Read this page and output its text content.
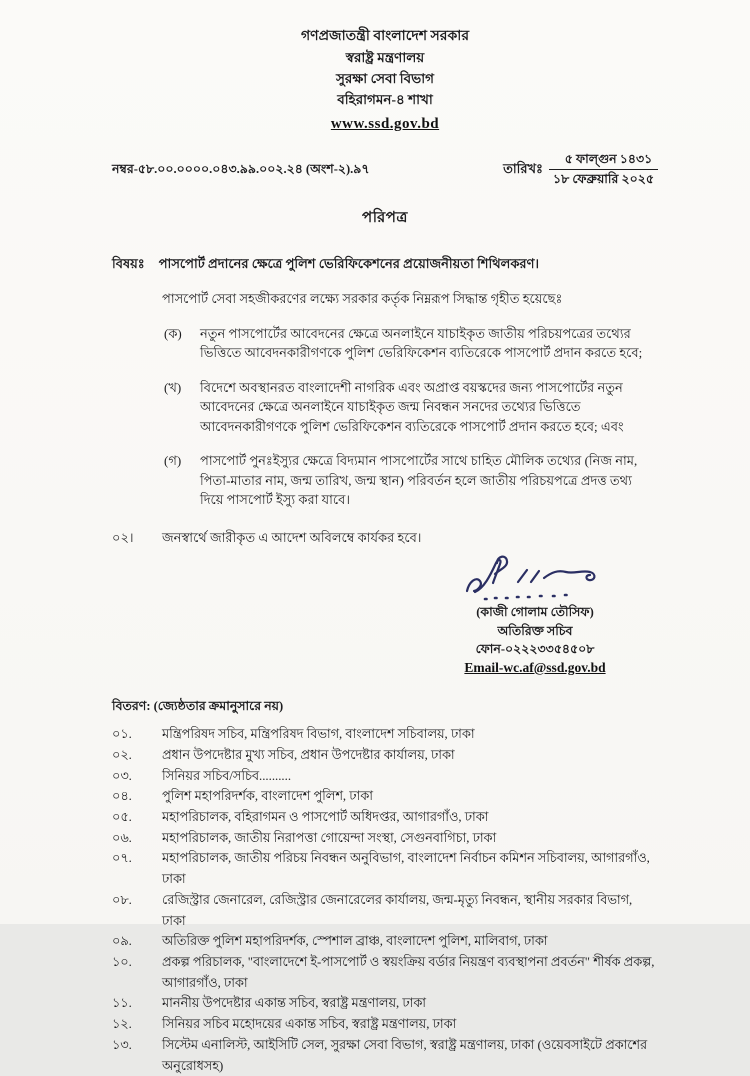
গণপ্রজাতন্ত্রী বাংলাদেশ সরকার
স্বরাষ্ট্র মন্ত্রণালয়
সুরক্ষা সেবা বিভাগ
বহিরাগমন-৪ শাখা
www.ssd.gov.bd
নম্বর-৫৮.০০.০০০০.০৪৩.৯৯.০০২.২৪ (অংশ-২).৯৭	তারিখঃ $\frac{\text{৫ ফাল্গুন ১৪৩১}}{\text{১৮ ফেব্রুয়ারি ২০২৫}}$
পরিপত্র
বিষয়ঃ পাসপোর্ট প্রদানের ক্ষেত্রে পুলিশ ভেরিফিকেশনের প্রয়োজনীয়তা শিথিলকরণ।
পাসপোর্ট সেবা সহজীকরণের লক্ষ্যে সরকার কর্তৃক নিম্নরূপ সিদ্ধান্ত গৃহীত হয়েছেঃ
(ক)	নতুন পাসপোর্টের আবেদনের ক্ষেত্রে অনলাইনে যাচাইকৃত জাতীয় পরিচয়পত্রের তথ্যের ভিত্তিতে আবেদনকারীগণকে পুলিশ ভেরিফিকেশন ব্যতিরেকে পাসপোর্ট প্রদান করতে হবে;
(খ)	বিদেশে অবস্থানরত বাংলাদেশী নাগরিক এবং অপ্রাপ্ত বয়স্কদের জন্য পাসপোর্টের নতুন আবেদনের ক্ষেত্রে অনলাইনে যাচাইকৃত জন্ম নিবন্ধন সনদের তথ্যের ভিত্তিতে আবেদনকারীগণকে পুলিশ ভেরিফিকেশন ব্যতিরেকে পাসপোর্ট প্রদান করতে হবে; এবং
(গ)	পাসপোর্ট পুনঃইস্যুর ক্ষেত্রে বিদ্যমান পাসপোর্টের সাথে চাহিত মৌলিক তথ্যের (নিজ নাম, পিতা-মাতার নাম, জন্ম তারিখ, জন্ম স্থান) পরিবর্তন হলে জাতীয় পরিচয়পত্রে প্রদত্ত তথ্য দিয়ে পাসপোর্ট ইস্যু করা যাবে।
০২।	জনস্বার্থে জারীকৃত এ আদেশ অবিলম্বে কার্যকর হবে।
(কাজী গোলাম তৌসিফ)
অতিরিক্ত সচিব
ফোন-০২২২৩৩৫৪৫০৮
Email-wc.af@ssd.gov.bd
বিতরণ: (জ্যেষ্ঠতার ক্রমানুসারে নয়)
০১.	মন্ত্রিপরিষদ সচিব, মন্ত্রিপরিষদ বিভাগ, বাংলাদেশ সচিবালয়, ঢাকা
০২.	প্রধান উপদেষ্টার মুখ্য সচিব, প্রধান উপদেষ্টার কার্যালয়, ঢাকা
০৩.	সিনিয়র সচিব/সচিব..........
০৪.	পুলিশ মহাপরিদর্শক, বাংলাদেশ পুলিশ, ঢাকা
০৫.	মহাপরিচালক, বহিরাগমন ও পাসপোর্ট অধিদপ্তর, আগারগাঁও, ঢাকা
০৬.	মহাপরিচালক, জাতীয় নিরাপত্তা গোয়েন্দা সংস্থা, সেগুনবাগিচা, ঢাকা
০৭.	মহাপরিচালক, জাতীয় পরিচয় নিবন্ধন অনুবিভাগ, বাংলাদেশ নির্বাচন কমিশন সচিবালয়, আগারগাঁও, ঢাকা
০৮.	রেজিস্ট্রার জেনারেল, রেজিস্ট্রার জেনারেলের কার্যালয়, জন্ম-মৃত্যু নিবন্ধন, স্থানীয় সরকার বিভাগ, ঢাকা
০৯.	অতিরিক্ত পুলিশ মহাপরিদর্শক, স্পেশাল ব্রাঞ্চ, বাংলাদেশ পুলিশ, মালিবাগ, ঢাকা
১০.	প্রকল্প পরিচালক, "বাংলাদেশে ই-পাসপোর্ট ও স্বয়ংক্রিয় বর্ডার নিয়ন্ত্রণ ব্যবস্থাপনা প্রবর্তন" শীর্ষক প্রকল্প, আগারগাঁও, ঢাকা
১১.	মাননীয় উপদেষ্টার একান্ত সচিব, স্বরাষ্ট্র মন্ত্রণালয়, ঢাকা
১২.	সিনিয়র সচিব মহোদয়ের একান্ত সচিব, স্বরাষ্ট্র মন্ত্রণালয়, ঢাকা
১৩.	সিস্টেম এনালিস্ট, আইসিটি সেল, সুরক্ষা সেবা বিভাগ, স্বরাষ্ট্র মন্ত্রণালয়, ঢাকা (ওয়েবসাইটে প্রকাশের অনুরোধসহ)
